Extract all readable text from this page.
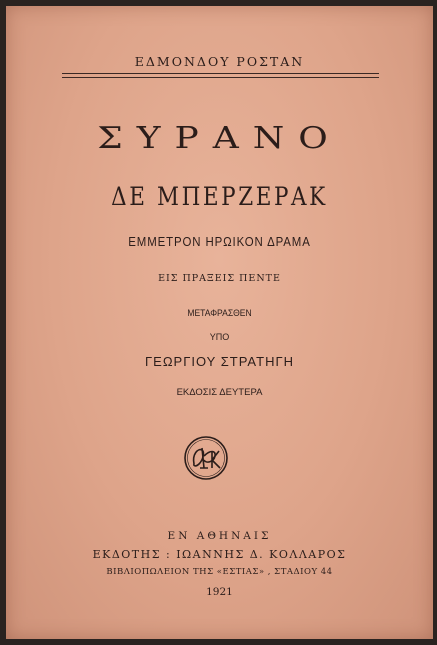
ΕΔΜΟΝΔΟΥ ΡΟΣΤΑΝ
ΣΥΡΑΝΟ
ΔΕ ΜΠΕΡΖΕΡΑΚ
ΕΜΜΕΤΡΟΝ ΗΡΩΙΚΟΝ ΔΡΑΜΑ
ΕΙΣ ΠΡΑΞΕΙΣ ΠΕΝΤΕ
ΜΕΤΑΦΡΑΣΘΕΝ
ΥΠΟ
ΓΕΩΡΓΙΟΥ ΣΤΡΑΤΗΓΗ
ΕΚΔΟΣΙΣ ΔΕΥΤΕΡΑ
ΕΝ ΑΘΗΝΑΙΣ
ΕΚΔΟΤΗΣ : ΙΩΑΝΝΗΣ Δ. ΚΟΛΛΑΡΟΣ
ΒΙΒΛΙΟΠΩΛΕΙΟΝ ΤΗΣ «ΕΣΤΙΑΣ» , ΣΤΑΔΙΟΥ 44
1921
